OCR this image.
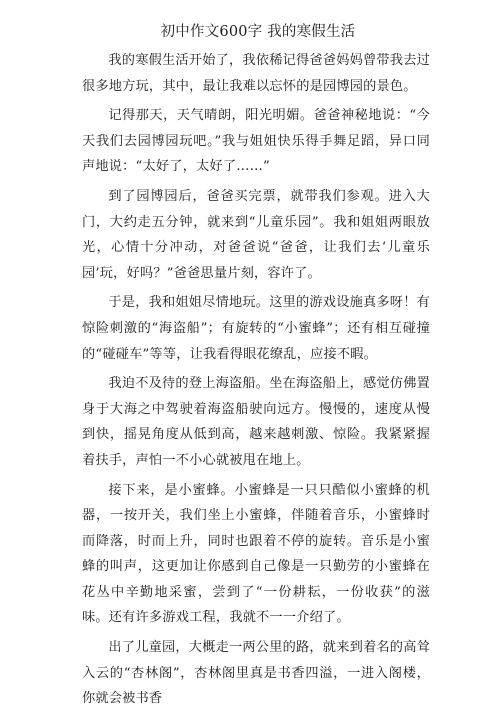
初中作文600字 我的寒假生活

我的寒假生活开始了，我依稀记得爸爸妈妈曾带我去过很多地方玩，其中，最让我难以忘怀的是园博园的景色。

记得那天，天气晴朗，阳光明媚。爸爸神秘地说：“今天我们去园博园玩吧。”我与姐姐快乐得手舞足蹈，异口同声地说：“太好了，太好了……”

到了园博园后，爸爸买完票，就带我们参观。进入大门，大约走五分钟，就来到“儿童乐园”。我和姐姐两眼放光，心情十分冲动，对爸爸说“爸爸，让我们去‘儿童乐园’玩，好吗？”爸爸思量片刻，容许了。

于是，我和姐姐尽情地玩。这里的游戏设施真多呀！有惊险刺激的“海盗船”；有旋转的“小蜜蜂”；还有相互碰撞的“碰碰车”等等，让我看得眼花缭乱，应接不暇。

我迫不及待的登上海盗船。坐在海盗船上，感觉仿佛置身于大海之中驾驶着海盗船驶向远方。慢慢的，速度从慢到快，摇晃角度从低到高，越来越刺激、惊险。我紧紧握着扶手，声怕一不小心就被甩在地上。

接下来，是小蜜蜂。小蜜蜂是一只只酷似小蜜蜂的机器，一按开关，我们坐上小蜜蜂，伴随着音乐，小蜜蜂时而降落，时而上升，同时也跟着不停的旋转。音乐是小蜜蜂的叫声，这更加让你感到自己像是一只勤劳的小蜜蜂在花丛中辛勤地采蜜，尝到了“一份耕耘，一份收获”的滋味。还有许多游戏工程，我就不一一介绍了。

出了儿童园，大概走一两公里的路，就来到着名的高耸入云的“杏林阁”，杏林阁里真是书香四溢，一进入阁楼，你就会被书香
